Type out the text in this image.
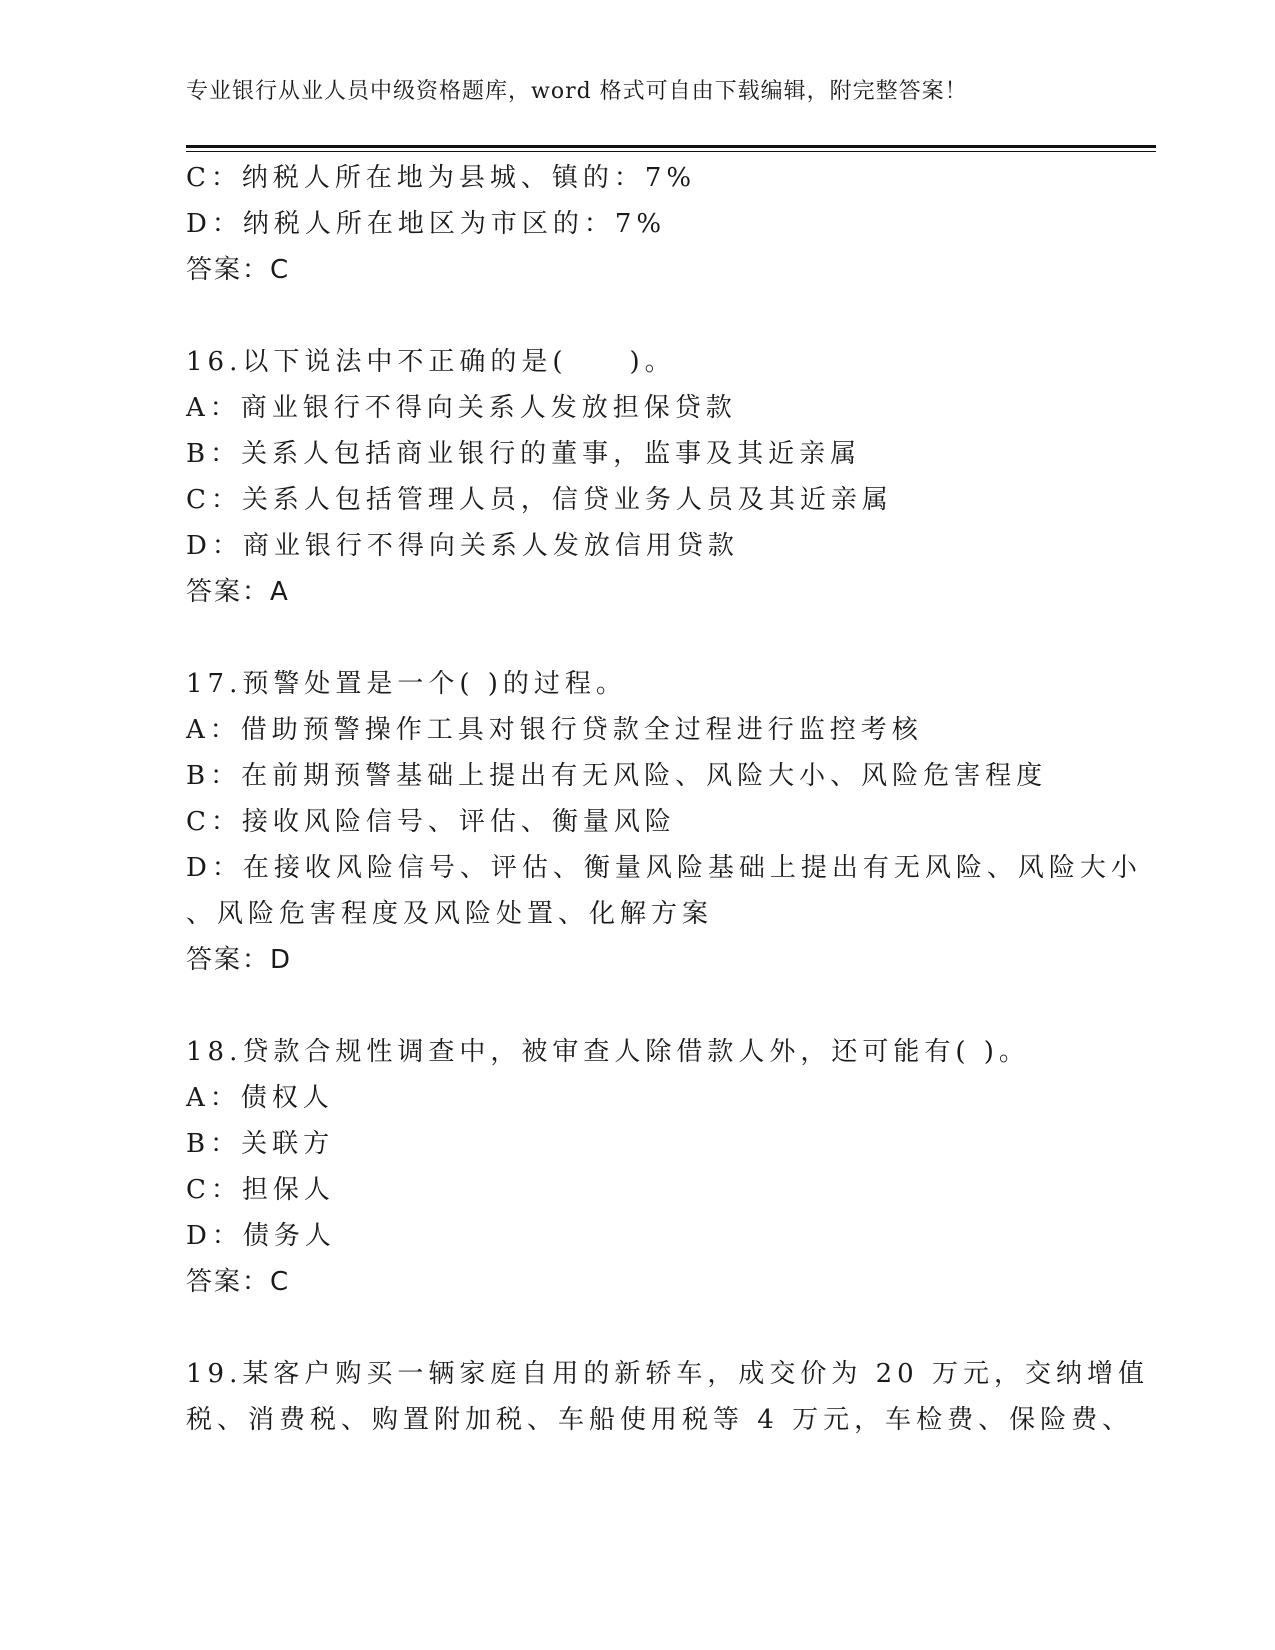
专业银行从业人员中级资格题库，word 格式可自由下载编辑，附完整答案！
C：纳税人所在地为县城、镇的：7%
D：纳税人所在地区为市区的：7%
答案：C
16.以下说法中不正确的是(　　)。
A：商业银行不得向关系人发放担保贷款
B：关系人包括商业银行的董事，监事及其近亲属
C：关系人包括管理人员，信贷业务人员及其近亲属
D：商业银行不得向关系人发放信用贷款
答案：A
17.预警处置是一个( )的过程。
A：借助预警操作工具对银行贷款全过程进行监控考核
B：在前期预警基础上提出有无风险、风险大小、风险危害程度
C：接收风险信号、评估、衡量风险
D：在接收风险信号、评估、衡量风险基础上提出有无风险、风险大小
、风险危害程度及风险处置、化解方案
答案：D
18.贷款合规性调查中，被审查人除借款人外，还可能有( )。
A：债权人
B：关联方
C：担保人
D：债务人
答案：C
19.某客户购买一辆家庭自用的新轿车，成交价为 20 万元，交纳增值
税、消费税、购置附加税、车船使用税等 4 万元，车检费、保险费、
